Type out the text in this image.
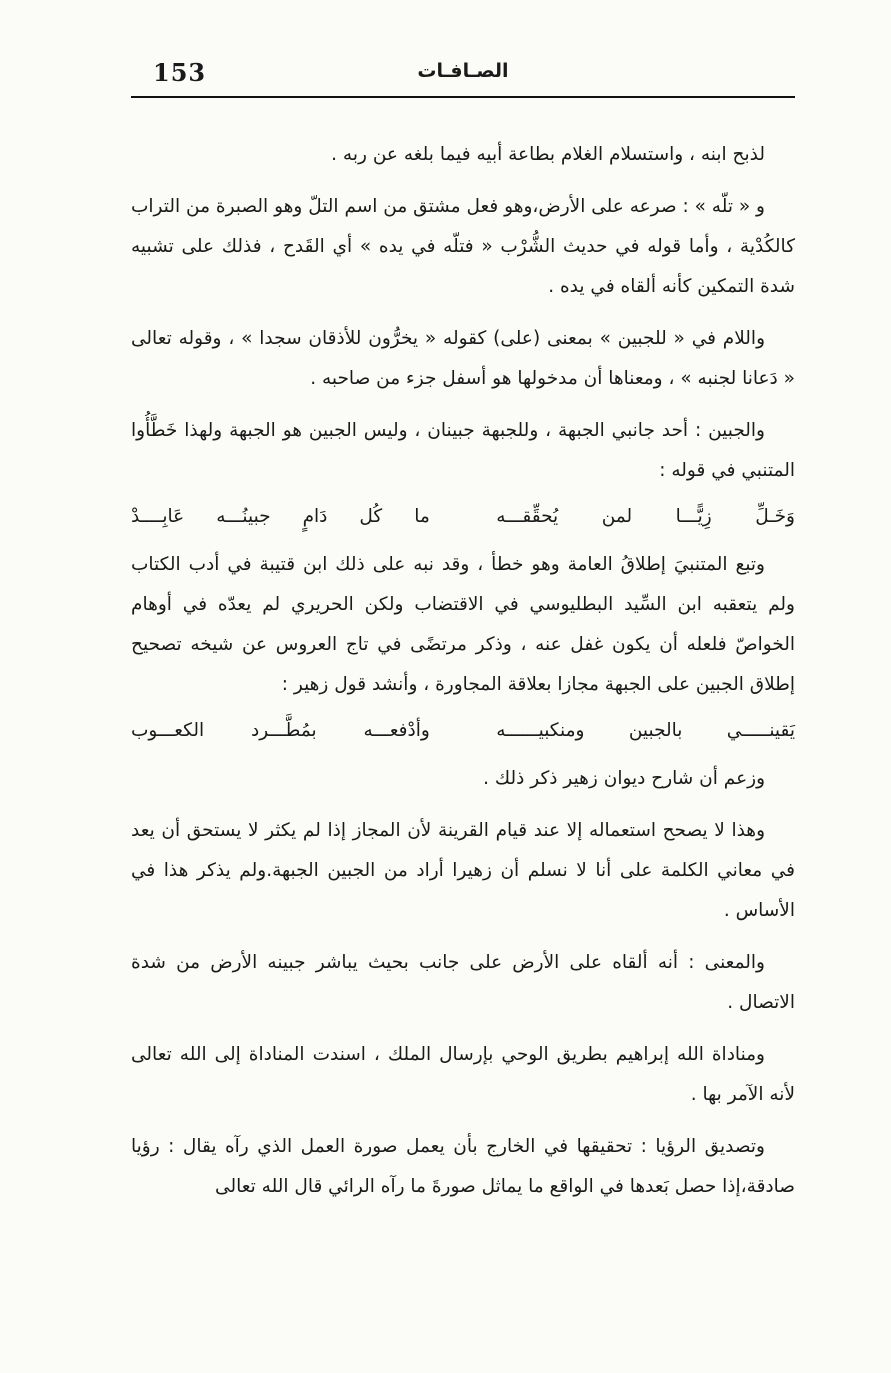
153	الصـافـات

لذبح ابنه ، واستسلام الغلام بطاعة أبيه فيما بلغه عن ربه .

و « تلّه » : صرعه على الأرض،وهو فعل مشتق من اسم التلّ وهو الصبرة من التراب كالكُدْية ، وأما قوله في حديث الشُّرْب « فتلّه في يده » أي القَدح ، فذلك على تشبيه شدة التمكين كأنه ألقاه في يده .

واللام في « للجبين » بمعنى (على) كقوله « يخرُّون للأذقان سجدا » ، وقوله تعالى « دَعانا لجنبه » ، ومعناها أن مدخولها هو أسفل جزء من صاحبه .

والجبين : أحد جانبي الجبهة ، وللجبهة جبينان ، وليس الجبين هو الجبهة ولهذا خَطَّأُوا المتنبي في قوله :

وَخَـلِّ زِيًّـــا لمن يُحقِّقـــه
ما كُل دَامٍ جبينُـــه عَابِــــدْ

وتبع المتنبيَ إطلاقُ العامة وهو خطأ ، وقد نبه على ذلك ابن قتيبة في أدب الكتاب ولم يتعقبه ابن السِّيد البطليوسي في الاقتضاب ولكن الحريري لم يعدّه في أوهام الخواصّ فلعله أن يكون غفل عنه ، وذكر مرتضًى في تاج العروس عن شيخه تصحيح إطلاق الجبين على الجبهة مجازا بعلاقة المجاورة ، وأنشد قول زهير :

يَقينـــــي بالجبين ومنكبيــــــه
وأدْفعـــه بمُطَّـــرد الكعـــوب

وزعم أن شارح ديوان زهير ذكر ذلك .

وهذا لا يصحح استعماله إلا عند قيام القرينة لأن المجاز إذا لم يكثر لا يستحق أن يعد في معاني الكلمة على أنا لا نسلم أن زهيرا أراد من الجبين الجبهة.ولم يذكر هذا في الأساس .

والمعنى : أنه ألقاه على الأرض على جانب بحيث يباشر جبينه الأرض من شدة الاتصال .

ومناداة الله إبراهيم بطريق الوحي بإرسال الملك ، اسندت المناداة إلى الله تعالى لأنه الآمر بها .

وتصديق الرؤيا : تحقيقها في الخارج بأن يعمل صورة العمل الذي رآه يقال : رؤيا صادقة،إذا حصل بَعدها في الواقع ما يماثل صورةَ ما رآه الرائي قال الله تعالى
